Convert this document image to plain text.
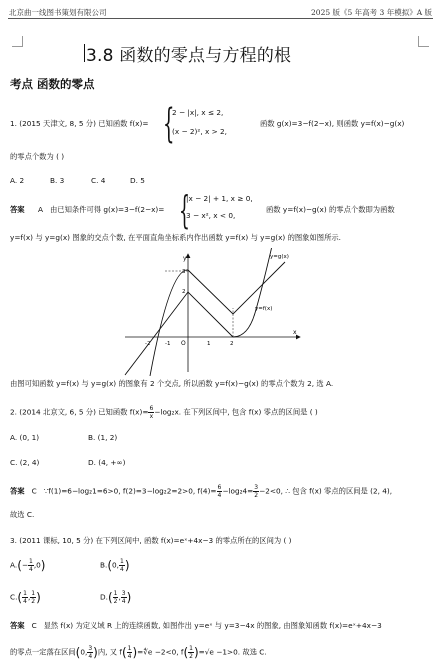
北京曲一线图书策划有限公司	2025 版《5 年高考 3 年模拟》A 版
3.8 函数的零点与方程的根
考点 函数的零点
1. (2015 天津文, 8, 5 分) 已知函数 f(x)= {
2 − |x|, x ≤ 2,
(x − 2)², x > 2,
函数 g(x)=3−f(2−x), 则函数 y=f(x)−g(x)
的零点个数为 ( )
A. 2	B. 3	C. 4	D. 5
答案 A 由已知条件可得 g(x)=3−f(2−x)= {
|x − 2| + 1, x ≥ 0,
3 − x², x < 0,
函数 y=f(x)−g(x) 的零点个数即为函数
y=f(x) 与 y=g(x) 图象的交点个数, 在平面直角坐标系内作出函数 y=f(x) 与 y=g(x) 的图象如图所示.
x
y
O
-2	-1	1	2
3
2
y=g(x)
y=f(x)
由图可知函数 y=f(x) 与 y=g(x) 的图象有 2 个交点, 所以函数 y=f(x)−g(x) 的零点个数为 2, 选 A.
2. (2014 北京文, 6, 5 分) 已知函数 $f(x)= \frac{6}{x} -\log_2x$. 在下列区间中, 包含 f(x) 零点的区间是 ( )
A. (0, 1)	B. (1, 2)
C. (2, 4)	D. (4, +∞)
答案 C ∵f(1)=6−log₂1=6>0, f(2)=3−log₂2=2>0, $f(4)= \frac{6}{4} -\log_24= \frac{3}{2} -2<0$, ∴ 包含 f(x) 零点的区间是 (2, 4),
故选 C.
3. (2011 课标, 10, 5 分) 在下列区间中, 函数 f(x)=eˣ+4x−3 的零点所在的区间为 ( )
$A.(- \frac{1}{4} ,0)$	B.(0, $\frac{1}{4}$ )
$C.( \frac{1}{4}$ , $\frac{1}{2}$ )	$D.( \frac{1}{2}$ , $\frac{3}{4}$ )
答案 C 显然 f(x) 为定义域 R 上的连续函数, 如图作出 y=eˣ 与 y=3−4x 的图象, 由图象知函数 f(x)=eˣ+4x−3
的零点一定落在区间(0, $\frac{3}{4}$ )内, 又 $f( \frac{1}{4}$ )=∜e −2<0, $f( \frac{1}{2} )=√e -1>0$. 故选 C.
